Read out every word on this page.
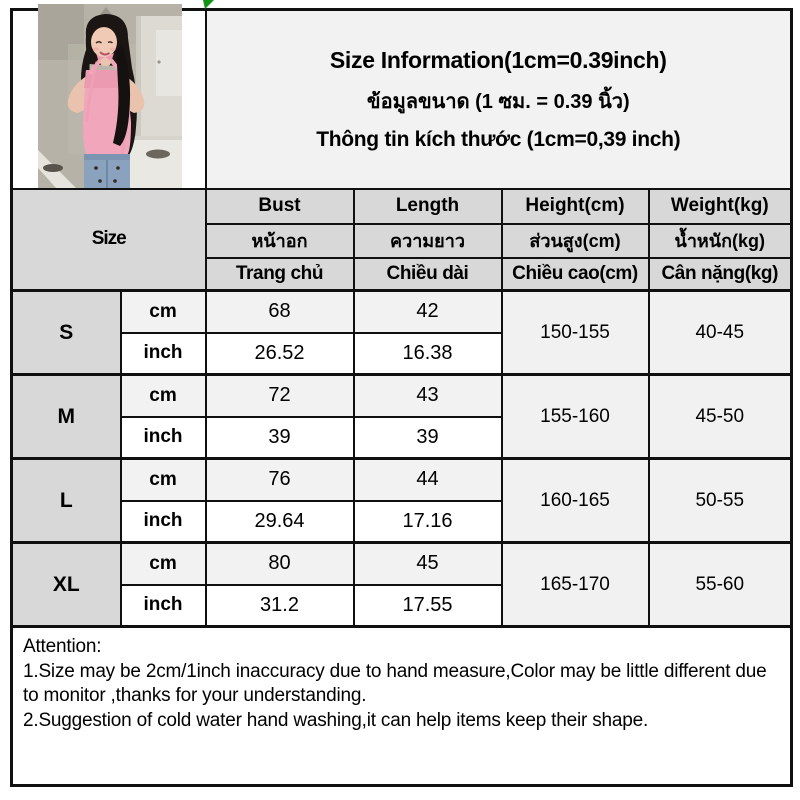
		Size Information(1cm=0.39inch)
ข้อมูลขนาด (1 ซม. = 0.39 นิ้ว)
Thông tin kích thước (1cm=0,39 inch)			

Size		Bust	Length	Height(cm)	Weight(kg)
		หน้าอก	ความยาว	ส่วนสูง(cm)	น้ำหนัก(kg)
		Trang chủ	Chiều dài	Chiều cao(cm)	Cân nặng(kg)
S	cm	68	42	150-155	40-45
	inch	26.52	16.38		
M	cm	72	43	155-160	45-50
	inch	39	39		
L	cm	76	44	160-165	50-55
	inch	29.64	17.16		
XL	cm	80	45	165-170	55-60
	inch	31.2	17.55		

Attention:
1.Size may be 2cm/1inch inaccuracy due to hand measure,Color may be little different due to monitor ,thanks for your understanding.
2.Suggestion of cold water hand washing,it can help items keep their shape.					
